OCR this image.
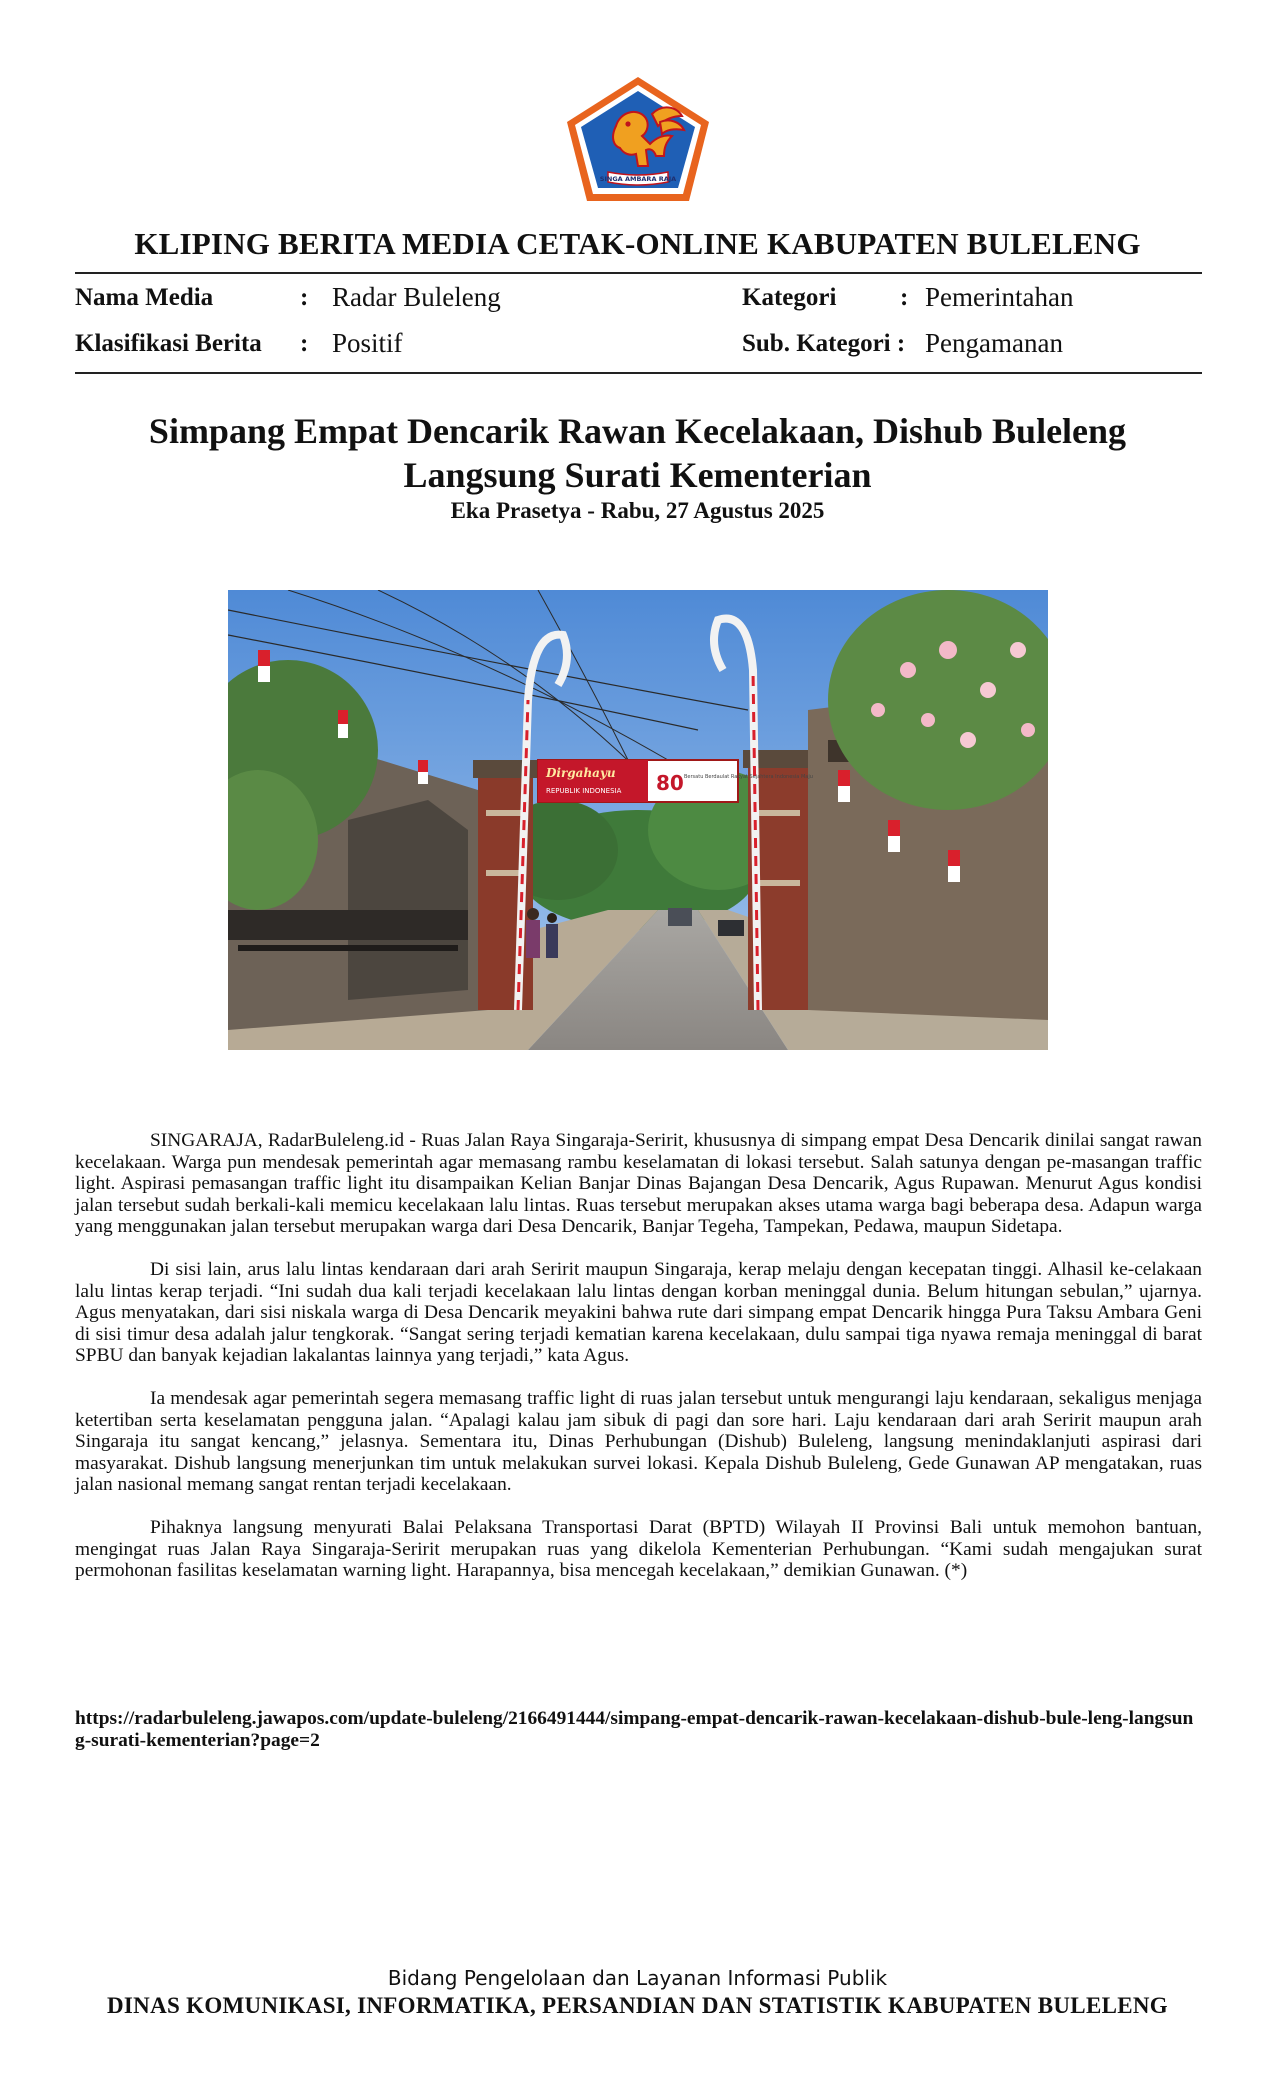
SINGA AMBARA RAJA
KLIPING BERITA MEDIA CETAK-ONLINE KABUPATEN BULELENG
Nama Media	: Radar Buleleng	Kategori	: Pemerintahan
Klasifikasi Berita : Positif	Sub. Kategori : Pengamanan
Simpang Empat Dencarik Rawan Kecelakaan, Dishub Buleleng
Langsung Surati Kementerian
Eka Prasetya - Rabu, 27 Agustus 2025
Dirgahayu
REPUBLIK INDONESIA 80 Bersatu Berdaulat Rakyat Sejahtera Indonesia Maju

SINGARAJA, RadarBuleleng.id - Ruas Jalan Raya Singaraja-Seririt, khususnya di simpang empat Desa Dencarik dinilai sangat rawan kecelakaan. Warga pun mendesak pemerintah agar memasang rambu keselamatan di lokasi tersebut. Salah satunya dengan pe-masangan traffic light. Aspirasi pemasangan traffic light itu disampaikan Kelian Banjar Dinas Bajangan Desa Dencarik, Agus Rupawan. Menurut Agus kondisi jalan tersebut sudah berkali-kali memicu kecelakaan lalu lintas. Ruas tersebut merupakan akses utama warga bagi beberapa desa. Adapun warga yang menggunakan jalan tersebut merupakan warga dari Desa Dencarik, Banjar Tegeha, Tampekan, Pedawa, maupun Sidetapa.

Di sisi lain, arus lalu lintas kendaraan dari arah Seririt maupun Singaraja, kerap melaju dengan kecepatan tinggi. Alhasil ke-celakaan lalu lintas kerap terjadi. “Ini sudah dua kali terjadi kecelakaan lalu lintas dengan korban meninggal dunia. Belum hitungan sebulan,” ujarnya. Agus menyatakan, dari sisi niskala warga di Desa Dencarik meyakini bahwa rute dari simpang empat Dencarik hingga Pura Taksu Ambara Geni di sisi timur desa adalah jalur tengkorak. “Sangat sering terjadi kematian karena kecelakaan, dulu sampai tiga nyawa remaja meninggal di barat SPBU dan banyak kejadian lakalantas lainnya yang terjadi,” kata Agus.

Ia mendesak agar pemerintah segera memasang traffic light di ruas jalan tersebut untuk mengurangi laju kendaraan, sekaligus menjaga ketertiban serta keselamatan pengguna jalan. “Apalagi kalau jam sibuk di pagi dan sore hari. Laju kendaraan dari arah Seririt maupun arah Singaraja itu sangat kencang,” jelasnya. Sementara itu, Dinas Perhubungan (Dishub) Buleleng, langsung menindaklanjuti aspirasi dari masyarakat. Dishub langsung menerjunkan tim untuk melakukan survei lokasi. Kepala Dishub Buleleng, Gede Gunawan AP mengatakan, ruas jalan nasional memang sangat rentan terjadi kecelakaan.

Pihaknya langsung menyurati Balai Pelaksana Transportasi Darat (BPTD) Wilayah II Provinsi Bali untuk memohon bantuan, mengingat ruas Jalan Raya Singaraja-Seririt merupakan ruas yang dikelola Kementerian Perhubungan. “Kami sudah mengajukan surat permohonan fasilitas keselamatan warning light. Harapannya, bisa mencegah kecelakaan,” demikian Gunawan. (*)

https://radarbuleleng.jawapos.com/update-buleleng/2166491444/simpang-empat-dencarik-rawan-kecelakaan-dishub-bule-leng-langsung-surati-kementerian?page=2
Bidang Pengelolaan dan Layanan Informasi Publik
DINAS KOMUNIKASI, INFORMATIKA, PERSANDIAN DAN STATISTIK KABUPATEN BULELENG
